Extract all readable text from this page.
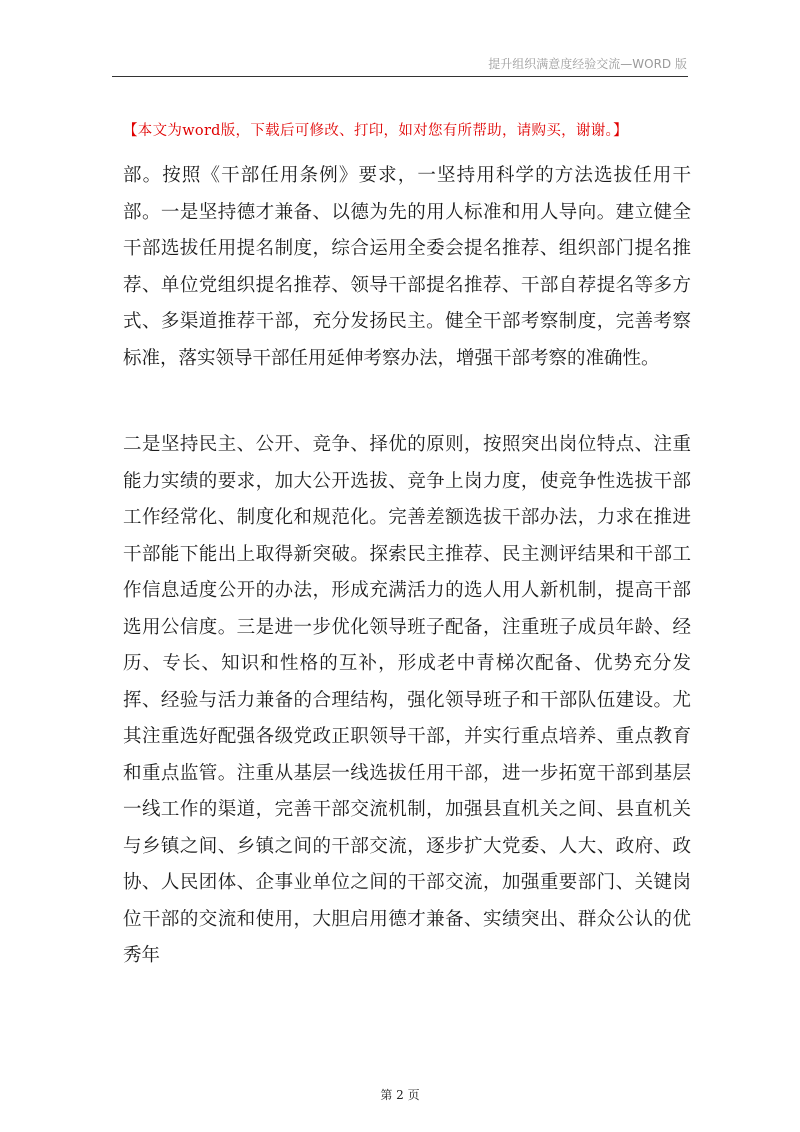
提升组织满意度经验交流—WORD 版
【本文为word版，下载后可修改、打印，如对您有所帮助，请购买，谢谢。】
部。按照《干部任用条例》要求，一坚持用科学的方法选拔任用干部。一是坚持德才兼备、以德为先的用人标准和用人导向。建立健全干部选拔任用提名制度，综合运用全委会提名推荐、组织部门提名推荐、单位党组织提名推荐、领导干部提名推荐、干部自荐提名等多方式、多渠道推荐干部，充分发扬民主。健全干部考察制度，完善考察标准，落实领导干部任用延伸考察办法，增强干部考察的准确性。
二是坚持民主、公开、竞争、择优的原则，按照突出岗位特点、注重能力实绩的要求，加大公开选拔、竞争上岗力度，使竞争性选拔干部工作经常化、制度化和规范化。完善差额选拔干部办法，力求在推进干部能下能出上取得新突破。探索民主推荐、民主测评结果和干部工作信息适度公开的办法，形成充满活力的选人用人新机制，提高干部选用公信度。三是进一步优化领导班子配备，注重班子成员年龄、经历、专长、知识和性格的互补，形成老中青梯次配备、优势充分发挥、经验与活力兼备的合理结构，强化领导班子和干部队伍建设。尤其注重选好配强各级党政正职领导干部，并实行重点培养、重点教育和重点监管。注重从基层一线选拔任用干部，进一步拓宽干部到基层一线工作的渠道，完善干部交流机制，加强县直机关之间、县直机关与乡镇之间、乡镇之间的干部交流，逐步扩大党委、人大、政府、政协、人民团体、企事业单位之间的干部交流，加强重要部门、关键岗位干部的交流和使用，大胆启用德才兼备、实绩突出、群众公认的优秀年
第 2 页
